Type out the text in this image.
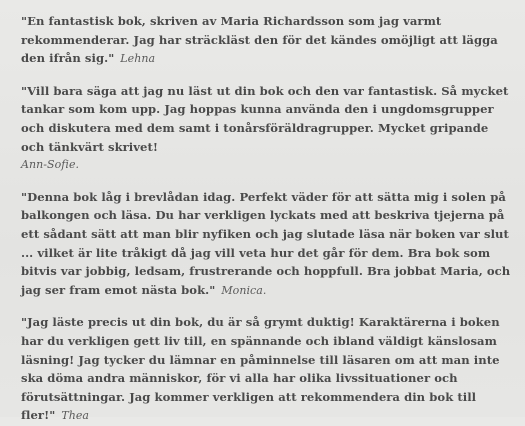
"En fantastisk bok, skriven av Maria Richardsson som jag varmt rekommenderar. Jag har sträckläst den för det kändes omöjligt att lägga den ifrån sig." Lehna

"Vill bara säga att jag nu läst ut din bok och den var fantastisk. Så mycket tankar som kom upp. Jag hoppas kunna använda den i ungdomsgrupper och diskutera med dem samt i tonårsföräldragrupper. Mycket gripande och tänkvärt skrivet!
Ann-Sofie.

"Denna bok låg i brevlådan idag. Perfekt väder för att sätta mig i solen på balkongen och läsa. Du har verkligen lyckats med att beskriva tjejerna på ett sådant sätt att man blir nyfiken och jag slutade läsa när boken var slut ... vilket är lite tråkigt då jag vill veta hur det går för dem. Bra bok som bitvis var jobbig, ledsam, frustrerande och hoppfull. Bra jobbat Maria, och jag ser fram emot nästa bok." Monica.

"Jag läste precis ut din bok, du är så grymt duktig! Karaktärerna i boken har du verkligen gett liv till, en spännande och ibland väldigt känslosam läsning! Jag tycker du lämnar en påminnelse till läsaren om att man inte ska döma andra människor, för vi alla har olika livssituationer och förutsättningar. Jag kommer verkligen att rekommendera din bok till fler!" Thea
